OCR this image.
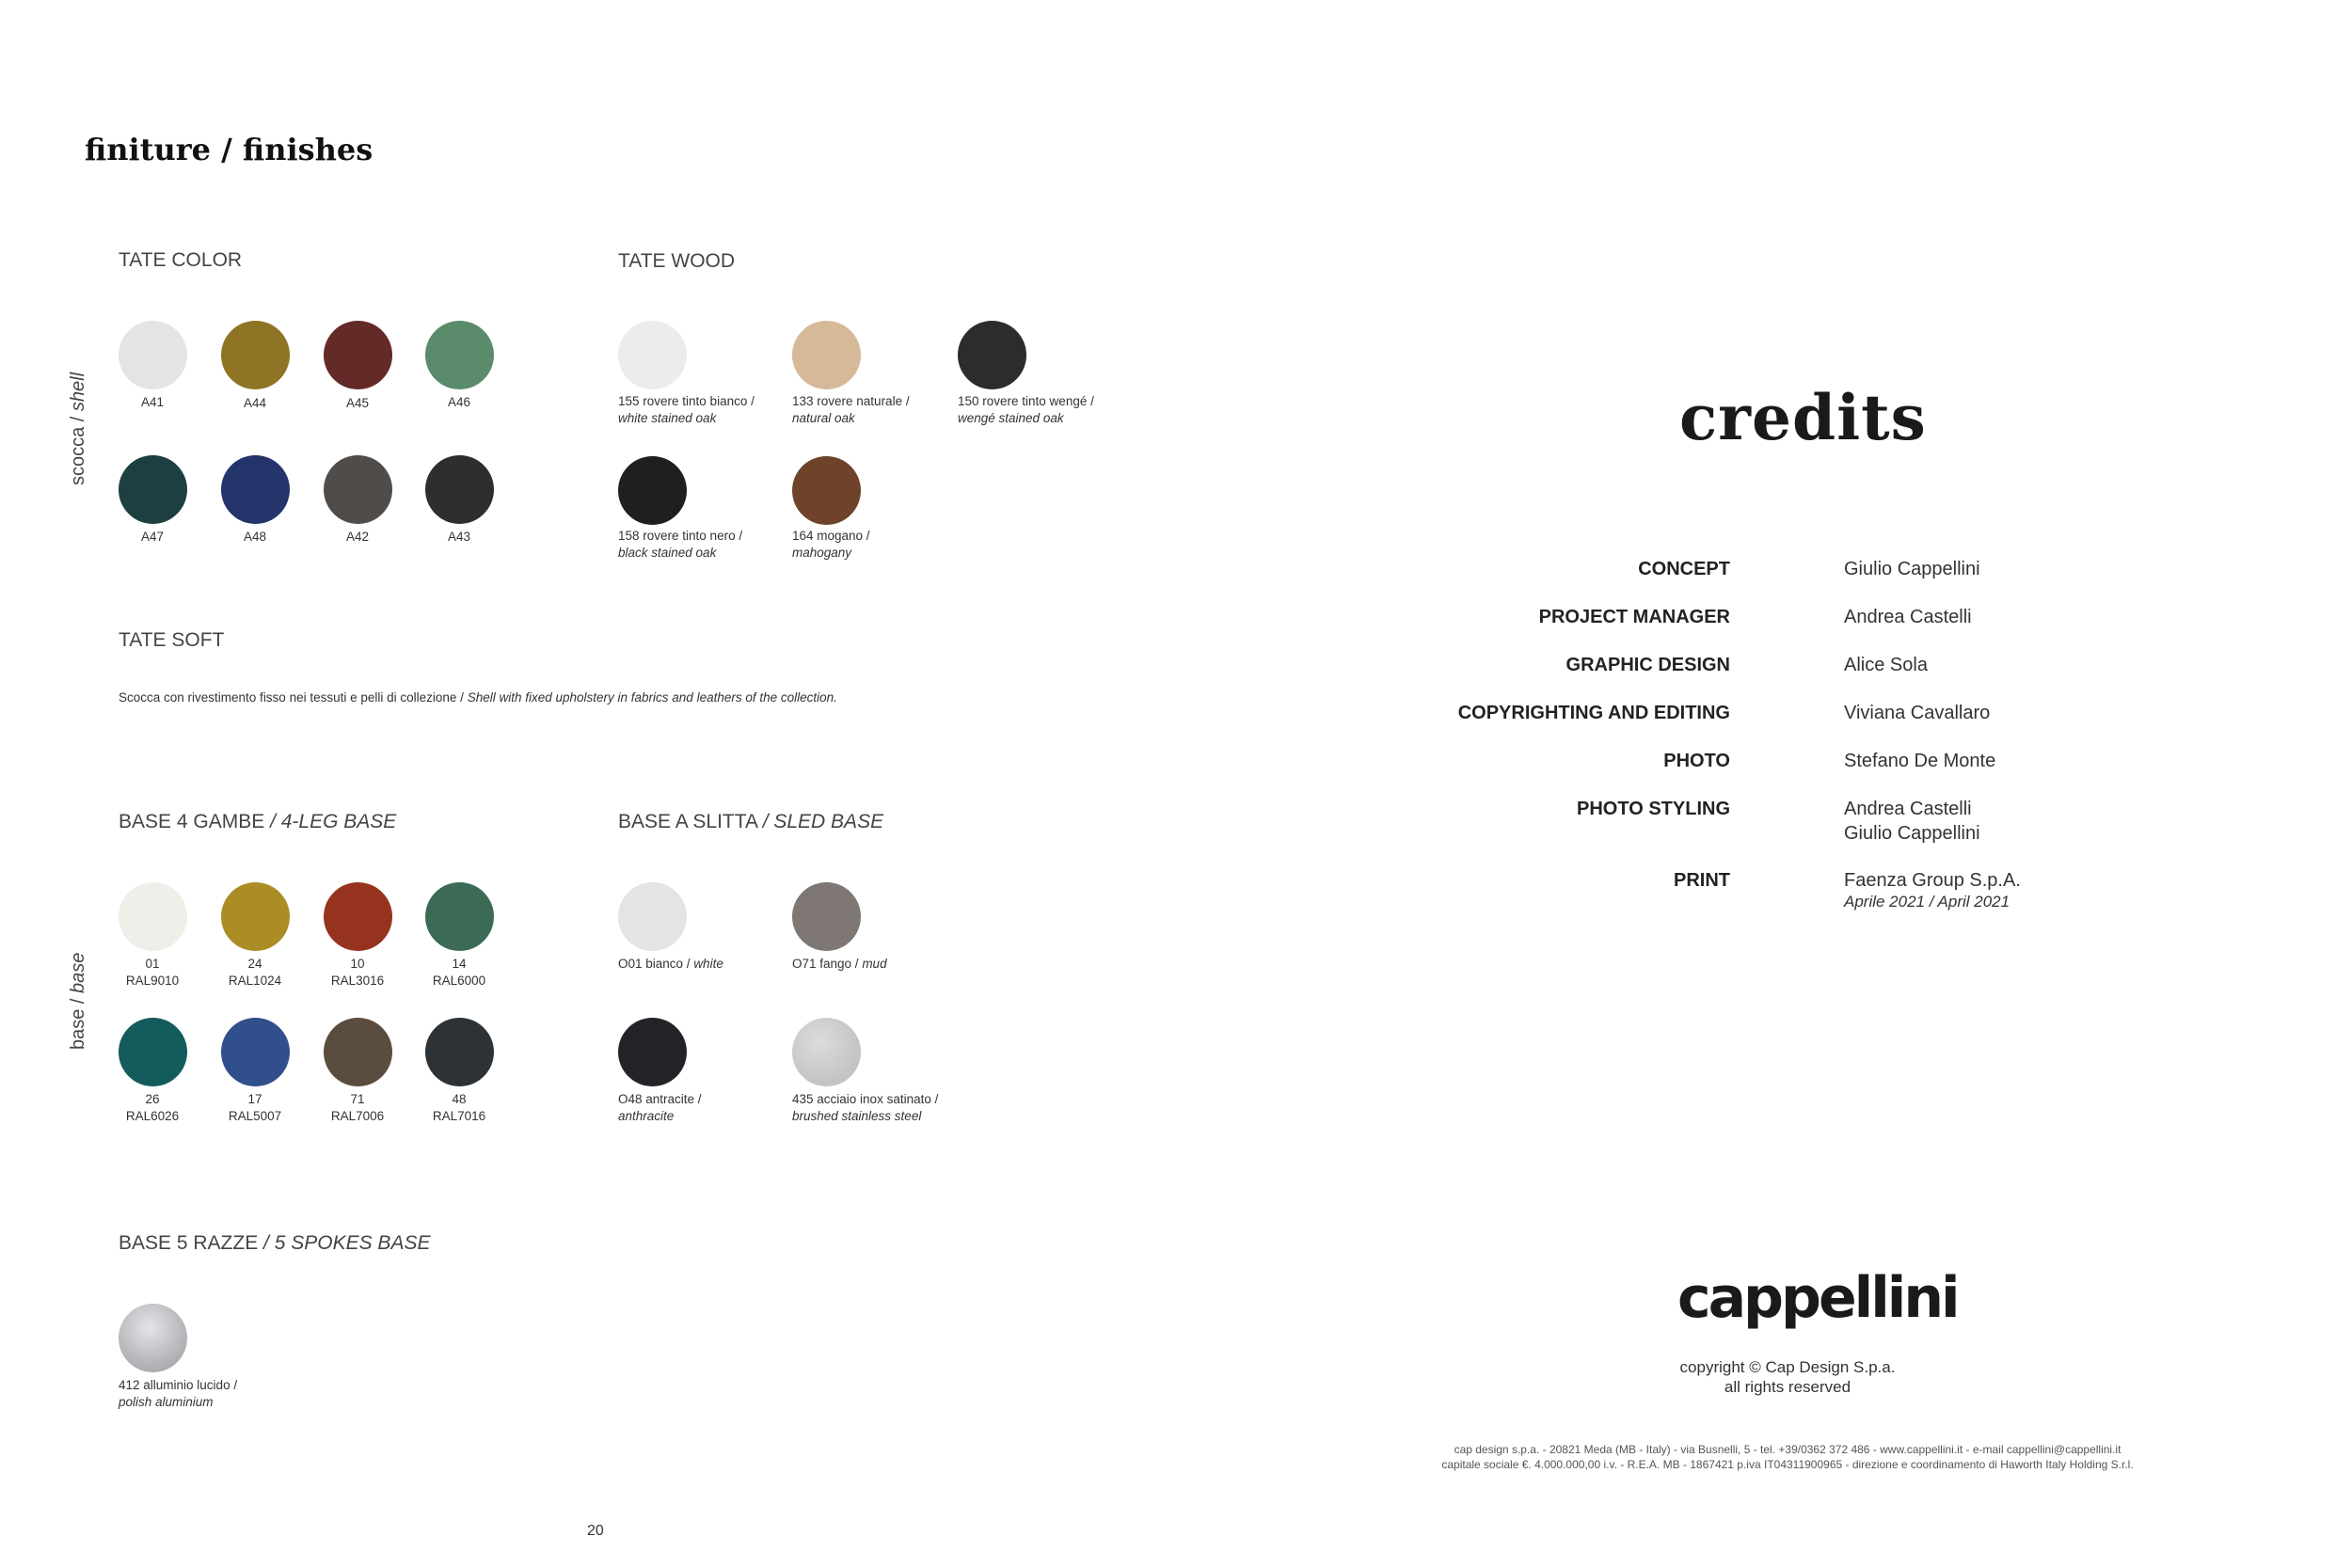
finiture / finishes
scocca / shell
base / base
TATE COLOR
A41	A44	A45	A46
A47	A48	A42	A43
TATE WOOD
155 rovere tinto bianco /
white stained oak
133 rovere naturale /
natural oak
150 rovere tinto wengé /
wengé stained oak
158 rovere tinto nero /
black stained oak
164 mogano /
mahogany
TATE SOFT
Scocca con rivestimento fisso nei tessuti e pelli di collezione / Shell with fixed upholstery in fabrics and leathers of the collection.
BASE 4 GAMBE / 4-LEG BASE
01
RAL9010
24
RAL1024
10
RAL3016
14
RAL6000
26
RAL6026
17
RAL5007
71
RAL7006
48
RAL7016
BASE A SLITTA / SLED BASE
O01 bianco / white	O71 fango / mud
O48 antracite /
anthracite
435 acciaio inox satinato /
brushed stainless steel
BASE 5 RAZZE / 5 SPOKES BASE
412 alluminio lucido /
polish aluminium
20
credits
CONCEPT	Giulio Cappellini
PROJECT MANAGER	Andrea Castelli
GRAPHIC DESIGN	Alice Sola
COPYRIGHTING AND EDITING	Viviana Cavallaro
PHOTO	Stefano De Monte
PHOTO STYLING	Andrea Castelli
Giulio Cappellini
PRINT	Faenza Group S.p.A.
$^{Aprile 2021 / April 2021}$
cappellini
copyright © Cap Design S.p.a.
all rights reserved
cap design s.p.a. - 20821 Meda (MB - Italy) - via Busnelli, 5 - tel. +39/0362 372 486 - www.cappellini.it - e-mail cappellini@cappellini.it
capitale sociale €. 4.000.000,00 i.v. - R.E.A. MB - 1867421 p.iva IT04311900965 - direzione e coordinamento di Haworth Italy Holding S.r.l.
